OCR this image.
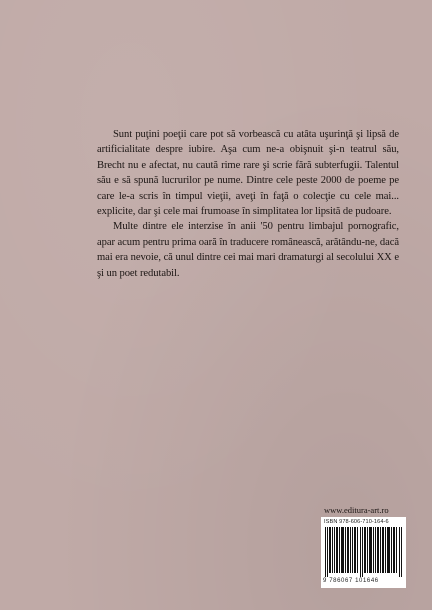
Sunt puţini poeţii care pot să vorbească cu atâta uşurinţă şi lipsă de artificialitate despre iubire. Aşa cum ne-a obişnuit şi-n teatrul său, Brecht nu e afectat, nu caută rime rare şi scrie fără subterfugii. Talentul său e să spună lucrurilor pe nume. Dintre cele peste 2000 de poeme pe care le-a scris în timpul vieţii, aveţi în faţă o colecţie cu cele mai... explicite, dar şi cele mai frumoase în simplitatea lor lipsită de pudoare.

Multe dintre ele interzise în anii '50 pentru limbajul pornografic, apar acum pentru prima oară în traducere românească, arătându-ne, dacă mai era nevoie, că unul dintre cei mai mari dramaturgi al secolului XX e şi un poet redutabil.

www.editura-art.ro
ISBN 978-606-710-164-6
9 786067 101646
